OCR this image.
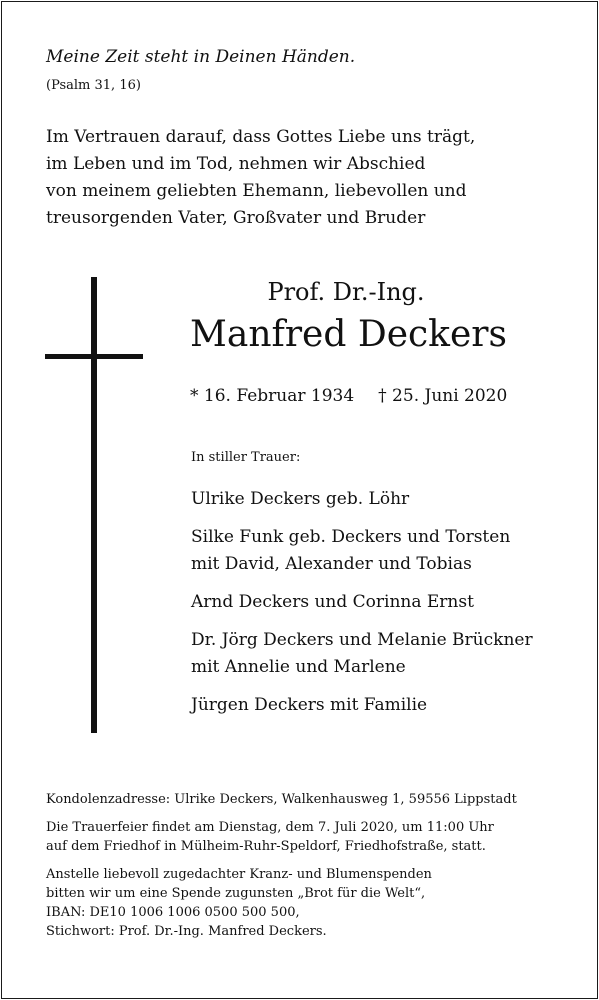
Meine Zeit steht in Deinen Händen.
(Psalm 31, 16)
Im Vertrauen darauf, dass Gottes Liebe uns trägt,
im Leben und im Tod, nehmen wir Abschied
von meinem geliebten Ehemann, liebevollen und
treusorgenden Vater, Großvater und Bruder
Prof. Dr.-Ing.
Manfred Deckers
* 16. Februar 1934 † 25. Juni 2020
In stiller Trauer:
Ulrike Deckers geb. Löhr
Silke Funk geb. Deckers und Torsten
mit David, Alexander und Tobias
Arnd Deckers und Corinna Ernst
Dr. Jörg Deckers und Melanie Brückner
mit Annelie und Marlene
Jürgen Deckers mit Familie
Kondolenzadresse: Ulrike Deckers, Walkenhausweg 1, 59556 Lippstadt
Die Trauerfeier findet am Dienstag, dem 7. Juli 2020, um 11:00 Uhr
auf dem Friedhof in Mülheim-Ruhr-Speldorf, Friedhofstraße, statt.
Anstelle liebevoll zugedachter Kranz- und Blumenspenden
bitten wir um eine Spende zugunsten „Brot für die Welt“,
IBAN: DE10 1006 1006 0500 500 500,
Stichwort: Prof. Dr.-Ing. Manfred Deckers.
